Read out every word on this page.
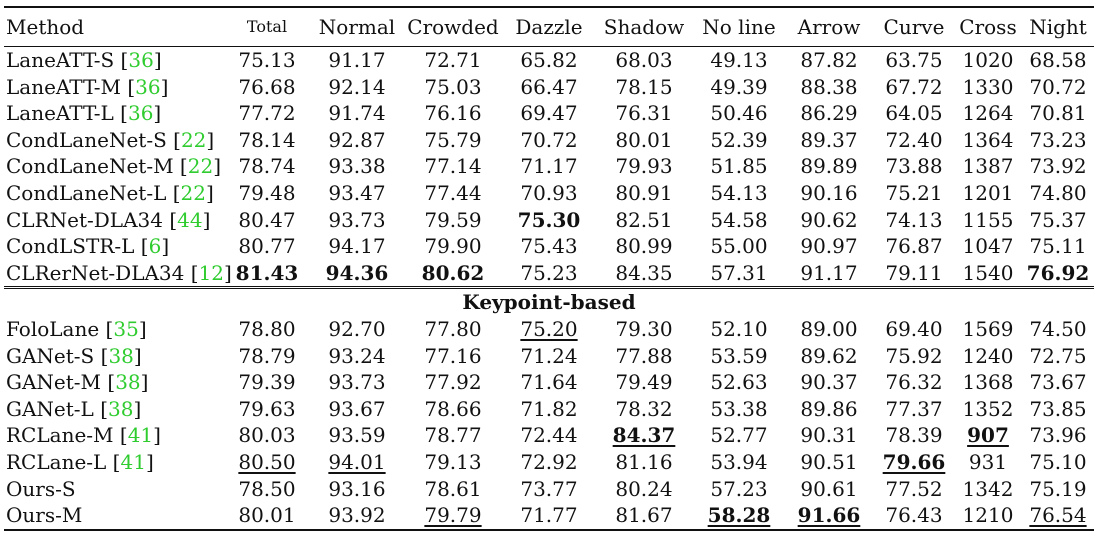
Method	Total	Normal	Crowded	Dazzle	Shadow	No line	Arrow	Curve	Cross	Night
LaneATT-S [36]	75.13	91.17	72.71	65.82	68.03	49.13	87.82	63.75	1020	68.58
LaneATT-M [36]	76.68	92.14	75.03	66.47	78.15	49.39	88.38	67.72	1330	70.72
LaneATT-L [36]	77.72	91.74	76.16	69.47	76.31	50.46	86.29	64.05	1264	70.81
CondLaneNet-S [22]	78.14	92.87	75.79	70.72	80.01	52.39	89.37	72.40	1364	73.23
CondLaneNet-M [22]	78.74	93.38	77.14	71.17	79.93	51.85	89.89	73.88	1387	73.92
CondLaneNet-L [22]	79.48	93.47	77.44	70.93	80.91	54.13	90.16	75.21	1201	74.80
CLRNet-DLA34 [44]	80.47	93.73	79.59	75.30	82.51	54.58	90.62	74.13	1155	75.37
CondLSTR-L [6]	80.77	94.17	79.90	75.43	80.99	55.00	90.97	76.87	1047	75.11
CLRerNet-DLA34 [12]	81.43	94.36	80.62	75.23	84.35	57.31	91.17	79.11	1540	76.92
Keypoint-based										
FoloLane [35]	78.80	92.70	77.80	75.20	79.30	52.10	89.00	69.40	1569	74.50
GANet-S [38]	78.79	93.24	77.16	71.24	77.88	53.59	89.62	75.92	1240	72.75
GANet-M [38]	79.39	93.73	77.92	71.64	79.49	52.63	90.37	76.32	1368	73.67
GANet-L [38]	79.63	93.67	78.66	71.82	78.32	53.38	89.86	77.37	1352	73.85
RCLane-M [41]	80.03	93.59	78.77	72.44	84.37	52.77	90.31	78.39	907	73.96
RCLane-L [41]	80.50	94.01	79.13	72.92	81.16	53.94	90.51	79.66	931	75.10
Ours-S	78.50	93.16	78.61	73.77	80.24	57.23	90.61	77.52	1342	75.19
Ours-M	80.01	93.92	79.79	71.77	81.67	58.28	91.66	76.43	1210	76.54
